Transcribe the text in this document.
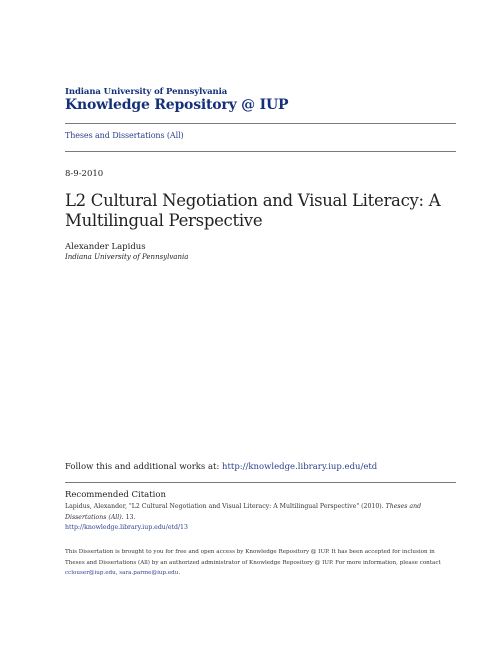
Indiana University of Pennsylvania
Knowledge Repository @ IUP
Theses and Dissertations (All)
8-9-2010
L2 Cultural Negotiation and Visual Literacy: A Multilingual Perspective
Alexander Lapidus
Indiana University of Pennsylvania
Follow this and additional works at: http://knowledge.library.iup.edu/etd
Recommended Citation
Lapidus, Alexander, "L2 Cultural Negotiation and Visual Literacy: A Multilingual Perspective" (2010). Theses and Dissertations (All). 13.
http://knowledge.library.iup.edu/etd/13
This Dissertation is brought to you for free and open access by Knowledge Repository @ IUP. It has been accepted for inclusion in Theses and Dissertations (All) by an authorized administrator of Knowledge Repository @ IUP. For more information, please contact cclouser@iup.edu, sara.parme@iup.edu.
